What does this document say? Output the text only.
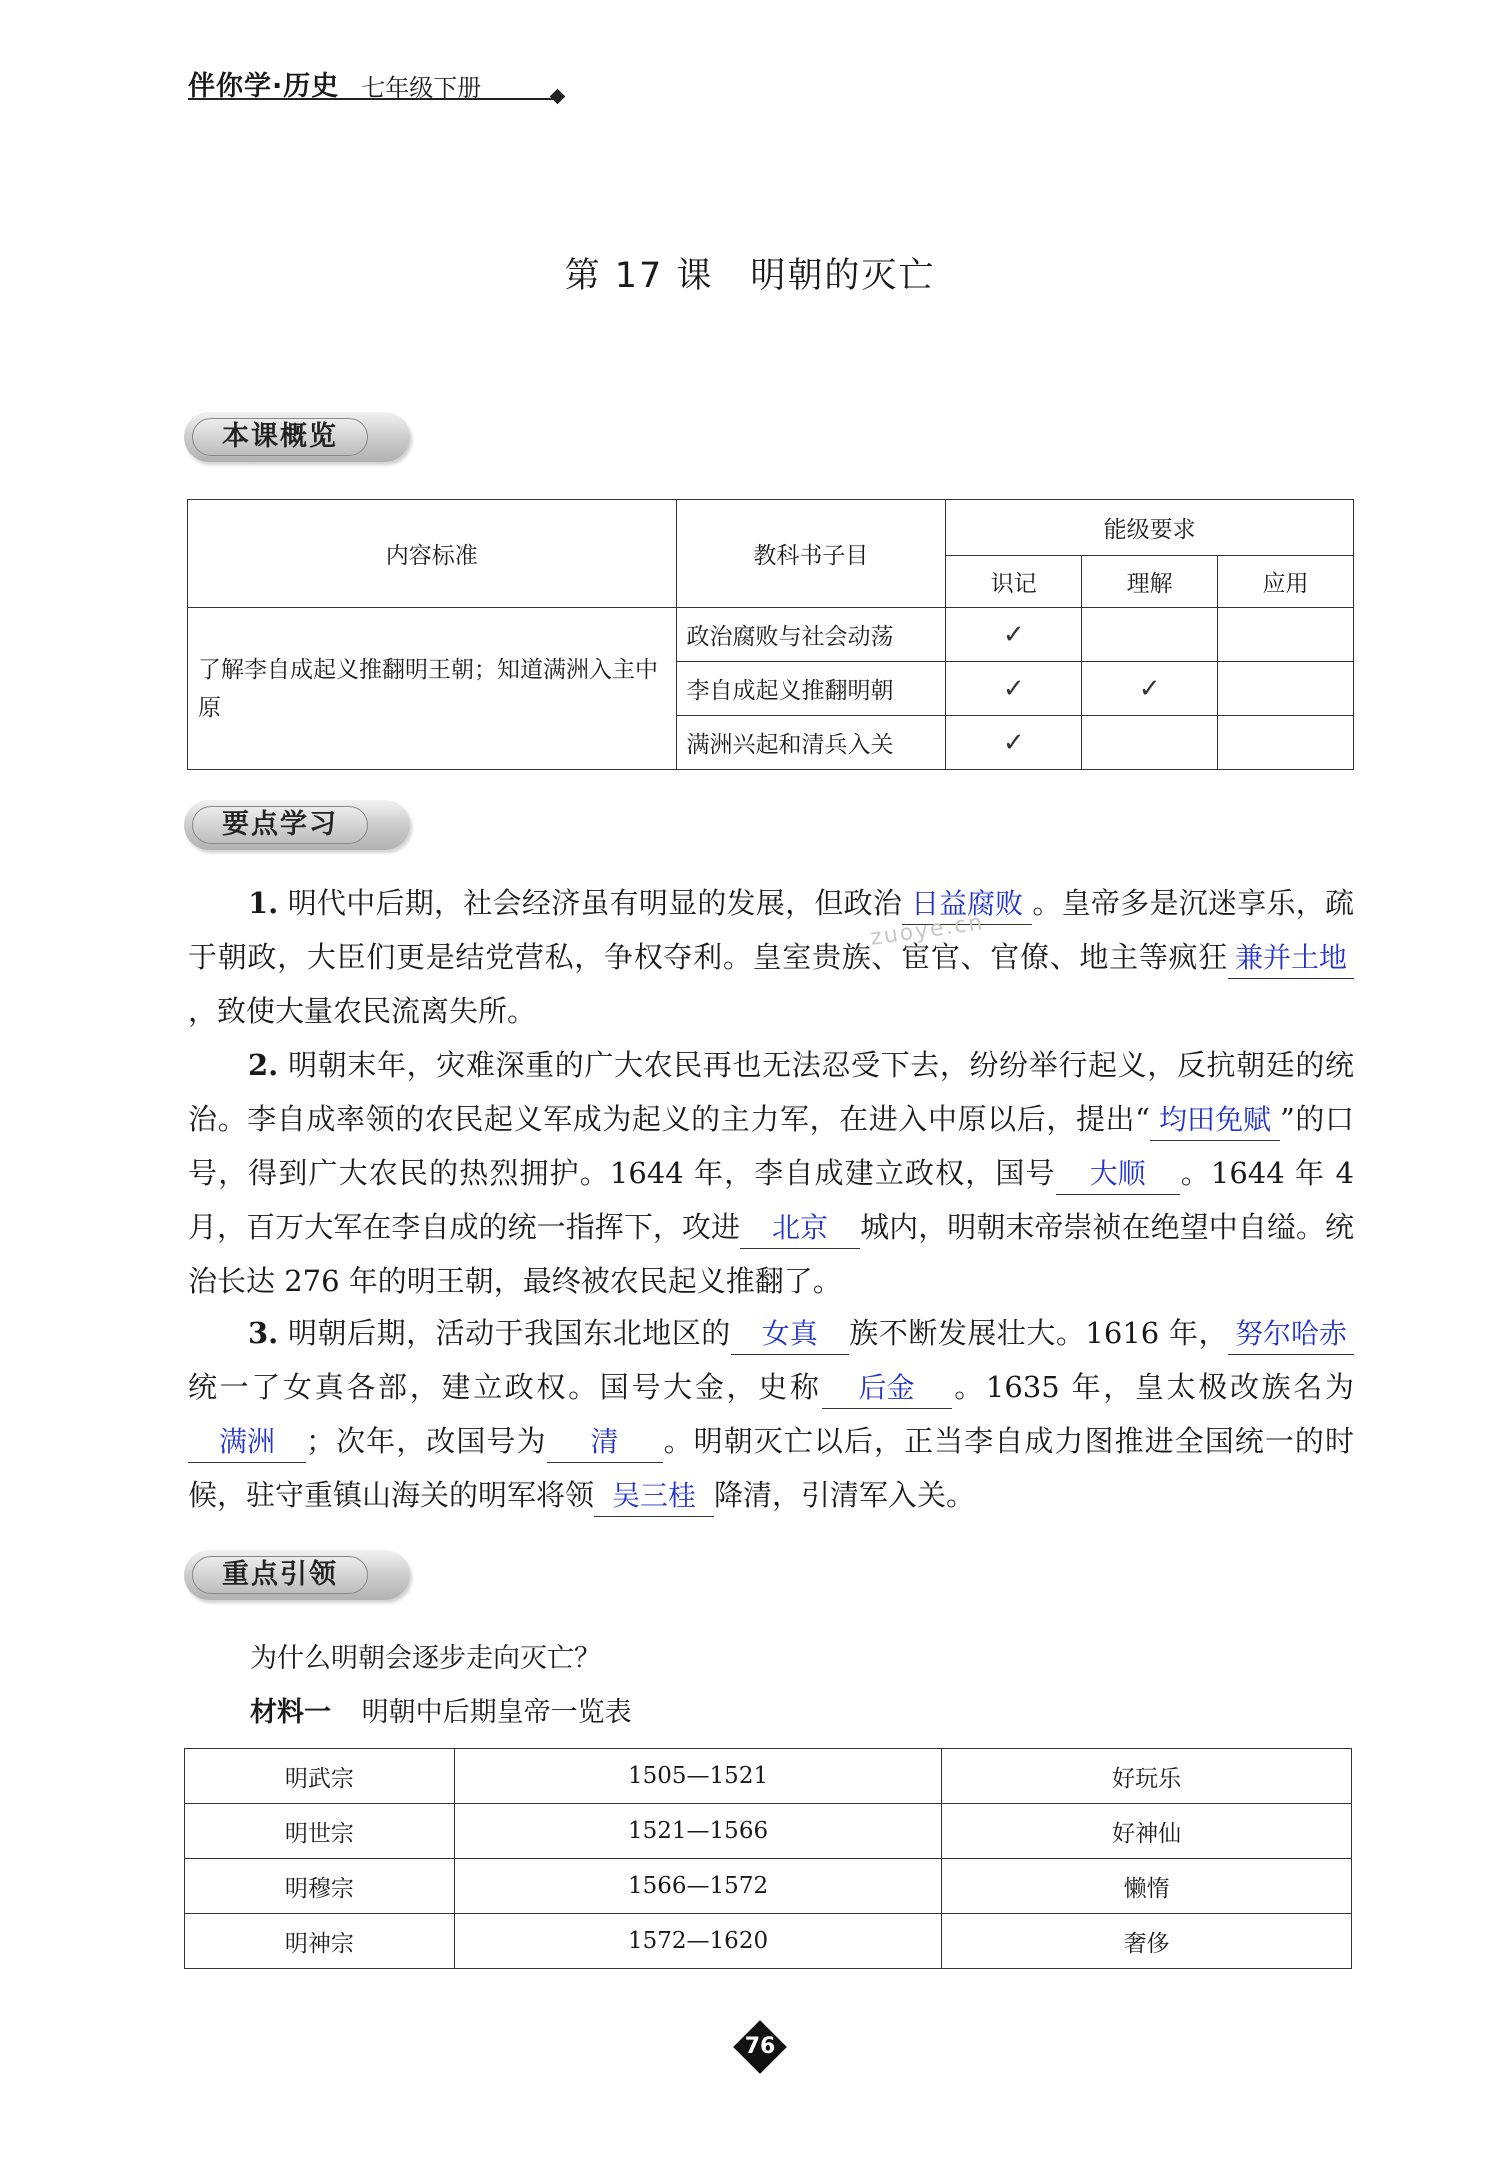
伴你学·历史 七年级下册
第 17 课　明朝的灭亡
本课概览
内容标准	教科书子目	能级要求		
		识记	理解	应用
了解李自成起义推翻明王朝；知道满洲入主中原	政治腐败与社会动荡	✓		
	李自成起义推翻明朝	✓	✓	
	满洲兴起和清兵入关	✓		
要点学习
1. 明代中后期，社会经济虽有明显的发展，但政治 日益腐败 。皇帝多是沉迷享乐，疏于朝政，大臣们更是结党营私，争权夺利。皇室贵族、宦官、官僚、地主等疯狂 兼并土地，致使大量农民流离失所。
2. 明朝末年，灾难深重的广大农民再也无法忍受下去，纷纷举行起义，反抗朝廷的统治。李自成率领的农民起义军成为起义的主力军，在进入中原以后，提出“ 均田免赋 ”的口号，得到广大农民的热烈拥护。1644 年，李自成建立政权，国号 大顺 。1644 年 4 月，百万大军在李自成的统一指挥下，攻进 北京 城内，明朝末帝崇祯在绝望中自缢。统治长达 276 年的明王朝，最终被农民起义推翻了。
3. 明朝后期，活动于我国东北地区的 女真 族不断发展壮大。1616 年， 努尔哈赤统一了女真各部，建立政权。国号大金，史称 后金 。1635 年，皇太极改族名为满洲 ；次年，改国号为 清 。明朝灭亡以后，正当李自成力图推进全国统一的时候，驻守重镇山海关的明军将领 吴三桂 降清，引清军入关。
zuoye.cn
重点引领
为什么明朝会逐步走向灭亡？
材料一 明朝中后期皇帝一览表
明武宗	1505—1521	好玩乐
明世宗	1521—1566	好神仙
明穆宗	1566—1572	懒惰
明神宗	1572—1620	奢侈
76
